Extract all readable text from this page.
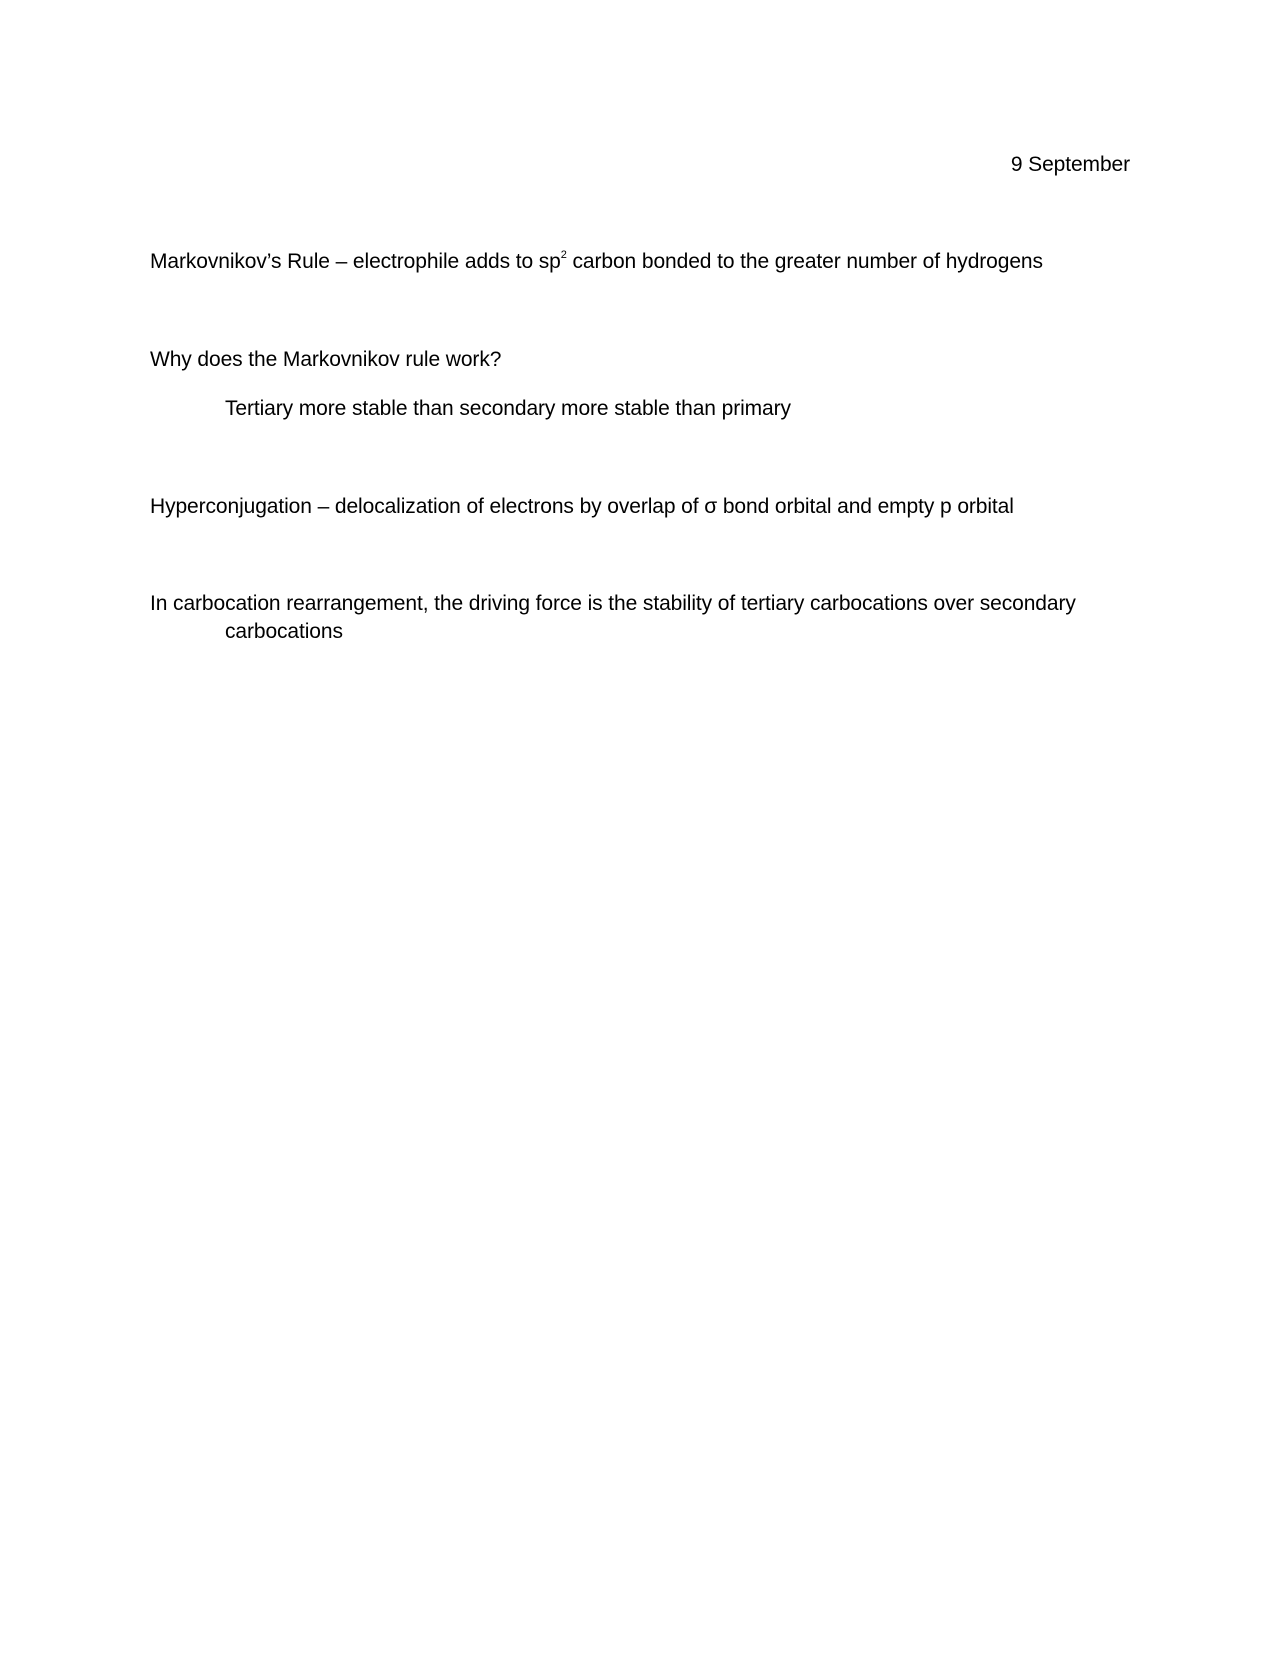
9 September
Markovnikov’s Rule – electrophile adds to $sp^2$ carbon bonded to the greater number of hydrogens
Why does the Markovnikov rule work?
Tertiary more stable than secondary more stable than primary
Hyperconjugation – delocalization of electrons by overlap of σ bond orbital and empty p orbital
In carbocation rearrangement, the driving force is the stability of tertiary carbocations over secondary
carbocations
